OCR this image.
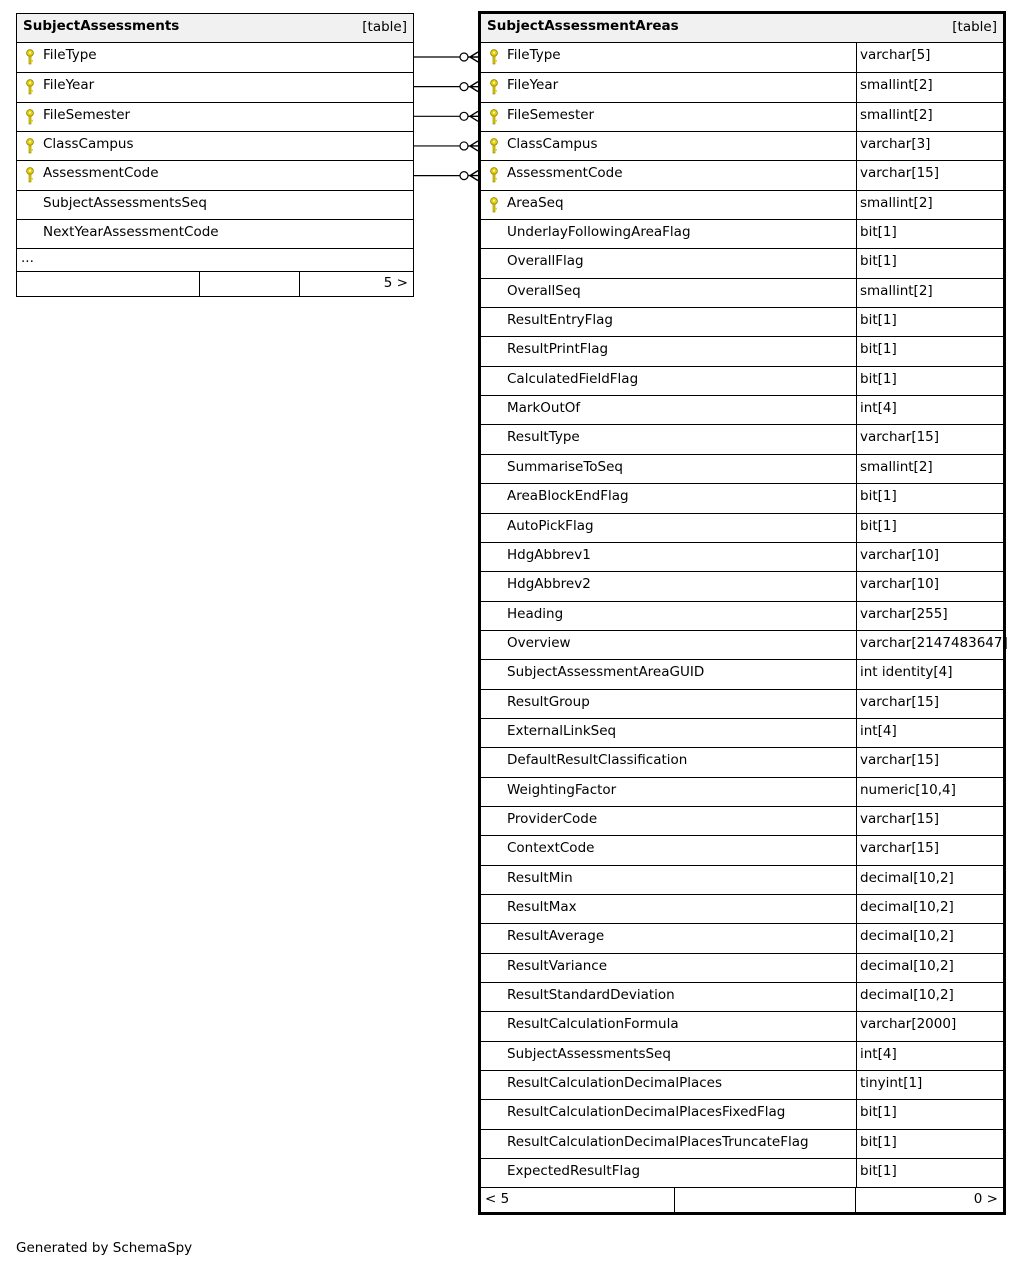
SubjectAssessments	[table]
FileType
FileYear
FileSemester
ClassCampus
AssessmentCode
SubjectAssessmentsSeq
NextYearAssessmentCode
...
5 >
SubjectAssessmentAreas	[table]
FileType	varchar[5]
FileYear	smallint[2]
FileSemester	smallint[2]
ClassCampus	varchar[3]
AssessmentCode	varchar[15]
AreaSeq	smallint[2]
UnderlayFollowingAreaFlag	bit[1]
OverallFlag	bit[1]
OverallSeq	smallint[2]
ResultEntryFlag	bit[1]
ResultPrintFlag	bit[1]
CalculatedFieldFlag	bit[1]
MarkOutOf	int[4]
ResultType	varchar[15]
SummariseToSeq	smallint[2]
AreaBlockEndFlag	bit[1]
AutoPickFlag	bit[1]
HdgAbbrev1	varchar[10]
HdgAbbrev2	varchar[10]
Heading	varchar[255]
Overview	varchar[2147483647]
SubjectAssessmentAreaGUID	int identity[4]
ResultGroup	varchar[15]
ExternalLinkSeq	int[4]
DefaultResultClassification	varchar[15]
WeightingFactor	numeric[10,4]
ProviderCode	varchar[15]
ContextCode	varchar[15]
ResultMin	decimal[10,2]
ResultMax	decimal[10,2]
ResultAverage	decimal[10,2]
ResultVariance	decimal[10,2]
ResultStandardDeviation	decimal[10,2]
ResultCalculationFormula	varchar[2000]
SubjectAssessmentsSeq	int[4]
ResultCalculationDecimalPlaces	tinyint[1]
ResultCalculationDecimalPlacesFixedFlag	bit[1]
ResultCalculationDecimalPlacesTruncateFlag	bit[1]
ExpectedResultFlag	bit[1]
< 5	0 >
Generated by SchemaSpy
